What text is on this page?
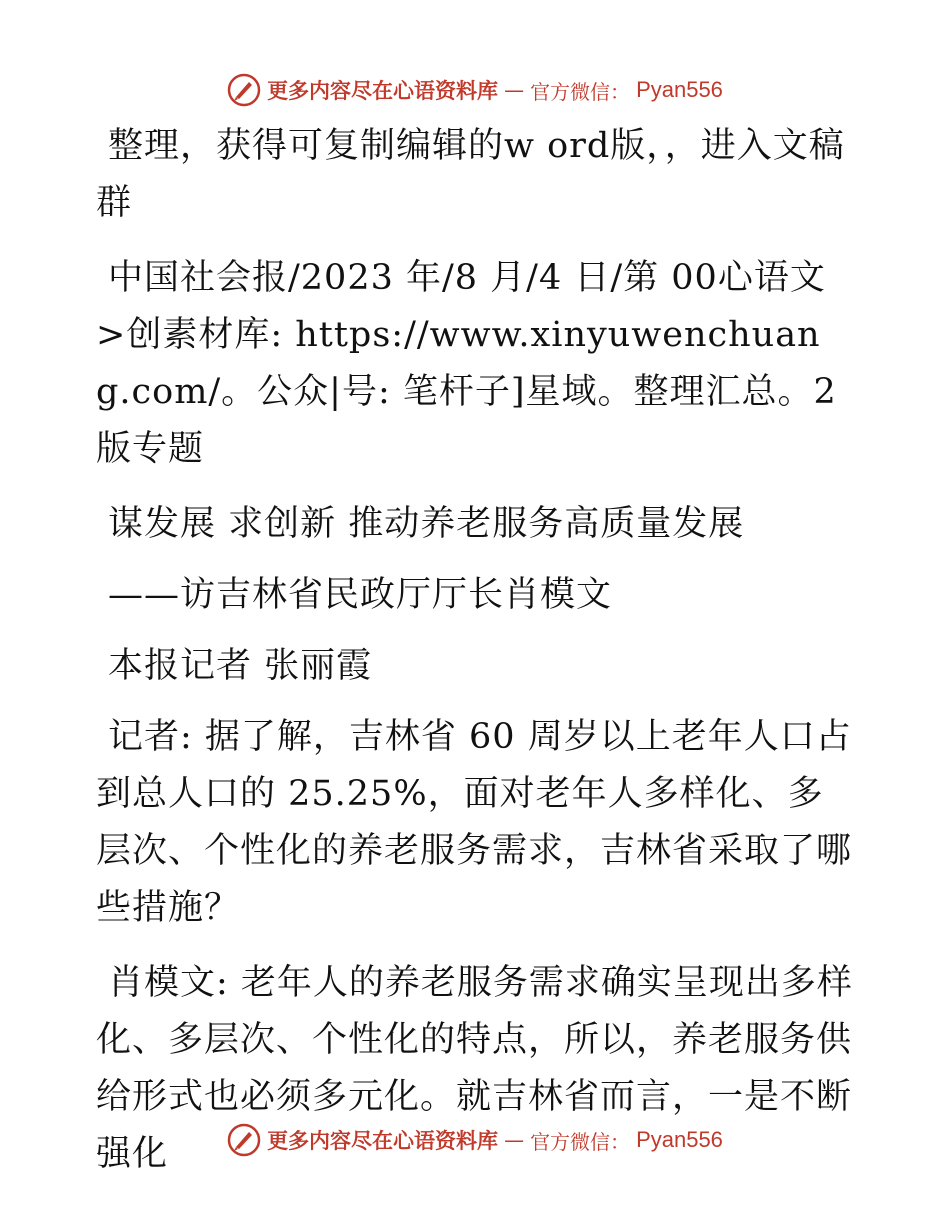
更多内容尽在心语资料库 — 官方微信： Pyan556

整理，获得可复制编辑的w ord版，，进入文稿群

中国社会报/2023 年/8 月/4 日/第 00心语文>创素材库: https://www.xinyuwenchuang.com/。公众|号: 笔杆子]星域。整理汇总。2 版专题

谋发展 求创新 推动养老服务高质量发展

——访吉林省民政厅厅长肖模文

本报记者 张丽霞

记者: 据了解，吉林省 60 周岁以上老年人口占到总人口的 25.25%，面对老年人多样化、多层次、个性化的养老服务需求，吉林省采取了哪些措施？

肖模文: 老年人的养老服务需求确实呈现出多样化、多层次、个性化的特点，所以，养老服务供给形式也必须多元化。就吉林省而言，一是不断强化	更多内容尽在心语资料库 — 官方微信： Pyan556
